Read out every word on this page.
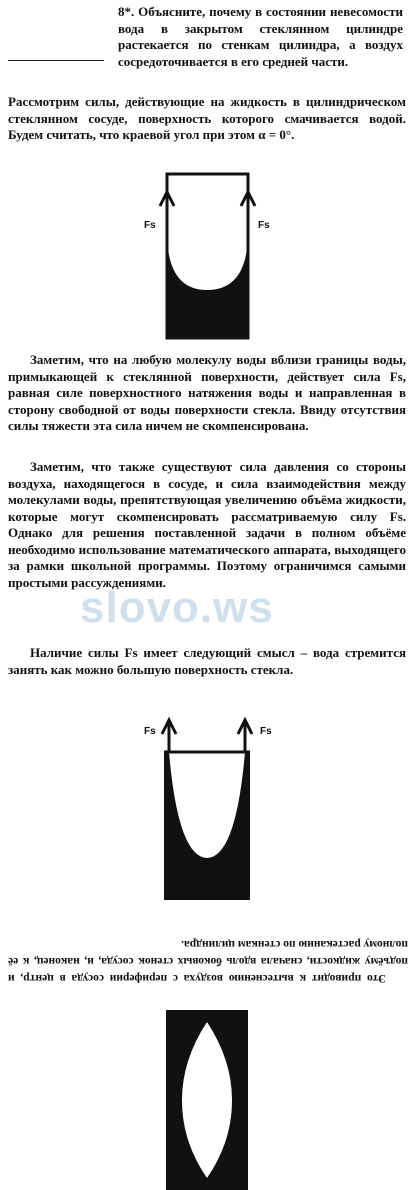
8*. Объясните, почему в состоянии невесомости вода в закрытом стеклянном цилиндре растекается по стенкам цилиндра, а воздух сосредоточивается в его средней части.

Рассмотрим силы, действующие на жидкость в цилиндрическом стеклянном сосуде, поверхность которого смачивается водой. Будем считать, что краевой угол при этом α = 0°.

Fs	Fs

Заметим, что на любую молекулу воды вблизи границы воды, примыкающей к стеклянной поверхности, действует сила Fs, равная силе поверхностного натяжения воды и направленная в сторону свободной от воды поверхности стекла. Ввиду отсутствия силы тяжести эта сила ничем не скомпенсирована.

Заметим, что также существуют сила давления со стороны воздуха, находящегося в сосуде, и сила взаимодействия между молекулами воды, препятствующая увеличению объёма жидкости, которые могут скомпенсировать рассматриваемую силу Fs. Однако для решения поставленной задачи в полном объёме необходимо использование математического аппарата, выходящего за рамки школьной программы. Поэтому ограничимся самыми простыми рассуждениями.

Наличие силы Fs имеет следующий смысл – вода стремится занять как можно большую поверхность стекла.

slovo.ws
Fs	Fs

Это приводит к вытеснению воздуха с периферии сосуда в центр, и подъёму жидкости, сначала вдоль боковых стенок сосуда, и, наконец, к её полному растеканию по стенкам цилиндра.
